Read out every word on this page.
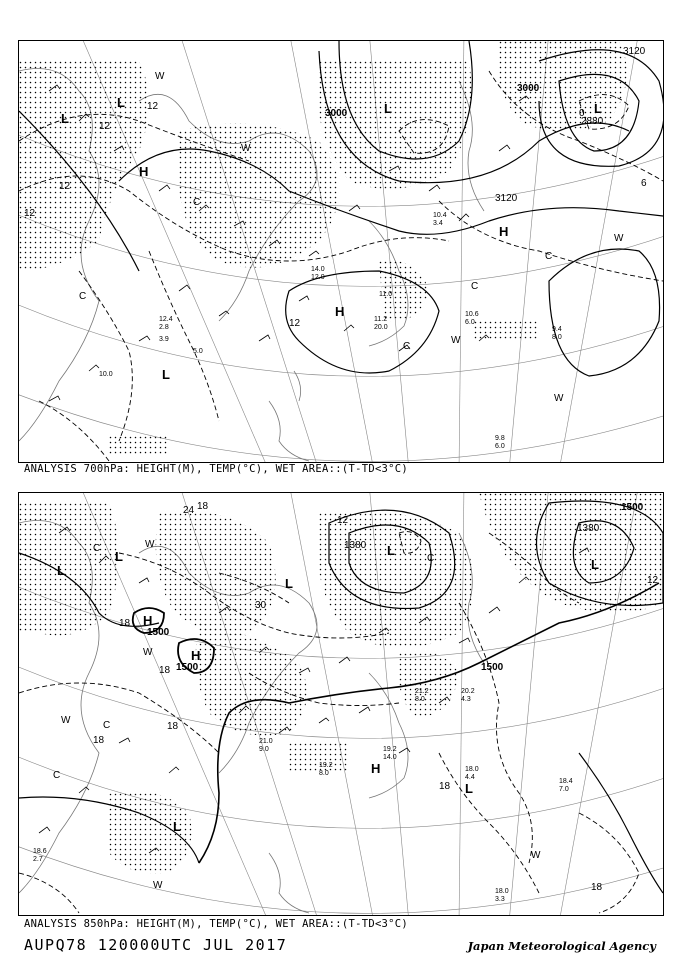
3000
3000
3120
3120
2880
12
12
12
12
12
0
6
L
L
L	L
L
H
H
H
W
W
W
W
W
C
C
C
C
C
9.4
8.0
9.8
6.0
10.4
3.4
11.2
20.0
14.0
12.0
10.0
11.0
3.9
12.4
2.8
10.6
6.0
5.0
ANALYSIS 700hPa: HEIGHT(M), TEMP(°C), WET AREA::(T-TD<3°C)
1500
1500	1500
1500
1380
1380
24 18
18
30
18
18
18
18
18
12
12
L
L
L
L
L
L
L
H
H
H
W
W
W
W
W
C
C
C
C
18.4
7.0
18.0
4.4
18.0
3.3
19.2
14.0
20.2
4.3
21.2
8.0
18.6
2.7
19.2
8.0
21.0
9.0
ANALYSIS 850hPa: HEIGHT(M), TEMP(°C), WET AREA::(T-TD<3°C)
AUPQ78 120000UTC JUL 2017	Japan Meteorological Agency
